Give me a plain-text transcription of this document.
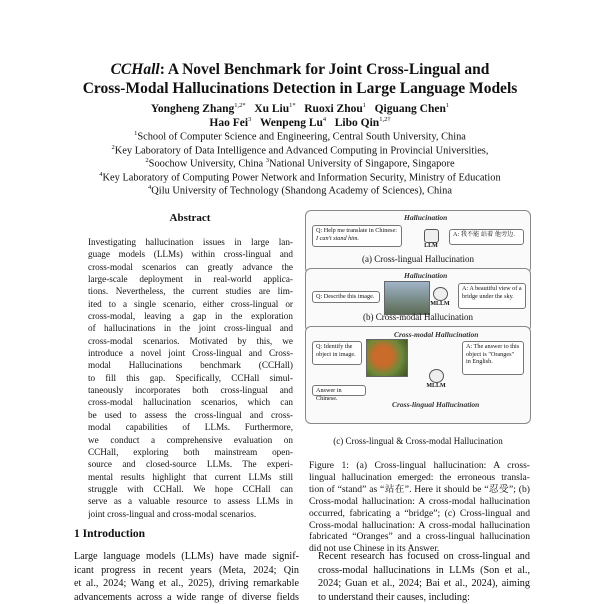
CCHall: A Novel Benchmark for Joint Cross-Lingual and
Cross-Modal Hallucinations Detection in Large Language Models
Yongheng Zhang$^{1,2*}$ Xu Liu$^{1*}$ Ruoxi Zhou$^1$ Qiguang Chen$^1$
Hao Fei$^3$ Wenpeng Lu$^4$ Libo Qin$^{1,2\dagger}$
$^1$School of Computer Science and Engineering, Central South University, China
$^2$Key Laboratory of Data Intelligence and Advanced Computing in Provincial Universities,
$^2$Soochow University, China $^3$National University of Singapore, Singapore
$^4$Key Laboratory of Computing Power Network and Information Security, Ministry of Education
$^4$Qilu University of Technology (Shandong Academy of Sciences), China
Abstract
Investigating hallucination issues in large lan-
guage models (LLMs) within cross-lingual and
cross-modal scenarios can greatly advance the
large-scale deployment in real-world applica-
tions. Nevertheless, the current studies are lim-
ited to a single scenario, either cross-lingual or
cross-modal, leaving a gap in the exploration
of hallucinations in the joint cross-lingual and
cross-modal scenarios. Motivated by this, we
introduce a novel joint Cross-lingual and Cross-
modal Hallucinations benchmark (CCHall)
to fill this gap. Specifically, CCHall simul-
taneously incorporates both cross-lingual and
cross-modal hallucination scenarios, which can
be used to assess the cross-lingual and cross-
modal capabilities of LLMs. Furthermore,
we conduct a comprehensive evaluation on
CCHall, exploring both mainstream open-
source and closed-source LLMs. The experi-
mental results highlight that current LLMs still
struggle with CCHall. We hope CCHall can
serve as a valuable resource to assess LLMs in
joint cross-lingual and cross-modal scenarios.
1 Introduction
Large language models (LLMs) have made signif-
icant progress in recent years (Meta, 2024; Qin
et al., 2024; Wang et al., 2025), driving remarkable
advancements across a wide range of diverse fields
Hallucination
Q: Help me translate in Chinese:
I can't stand him.
LLM
A: 我不能 站着 他旁边.
(a) Cross-lingual Hallucination
Hallucination
Q: Describe this image.
MLLM
A: A beautiful view of a bridge under the sky.
(b) Cross-modal Hallucination
Cross-modal Hallucination
Q: Identify the object in image.
Answer in Chinese.
MLLM
A: The answer to this object is "Oranges" in English.
Cross-lingual Hallucination
(c) Cross-lingual & Cross-modal Hallucination
Figure 1: (a) Cross-lingual hallucination: A cross-
lingual hallucination emerged: the erroneous transla-
tion of “stand” as “站在”. Here it should be “忍受”; (b)
Cross-modal hallucination: A cross-modal hallucination
occurred, fabricating a “bridge”; (c) Cross-lingual and
Cross-modal hallucination: A cross-modal hallucination
fabricated “Oranges” and a cross-lingual hallucination
did not use Chinese in its Answer.
Recent research has focused on cross-lingual and
cross-modal hallucinations in LLMs (Son et al.,
2024; Guan et al., 2024; Bai et al., 2024), aiming
to understand their causes, including:
